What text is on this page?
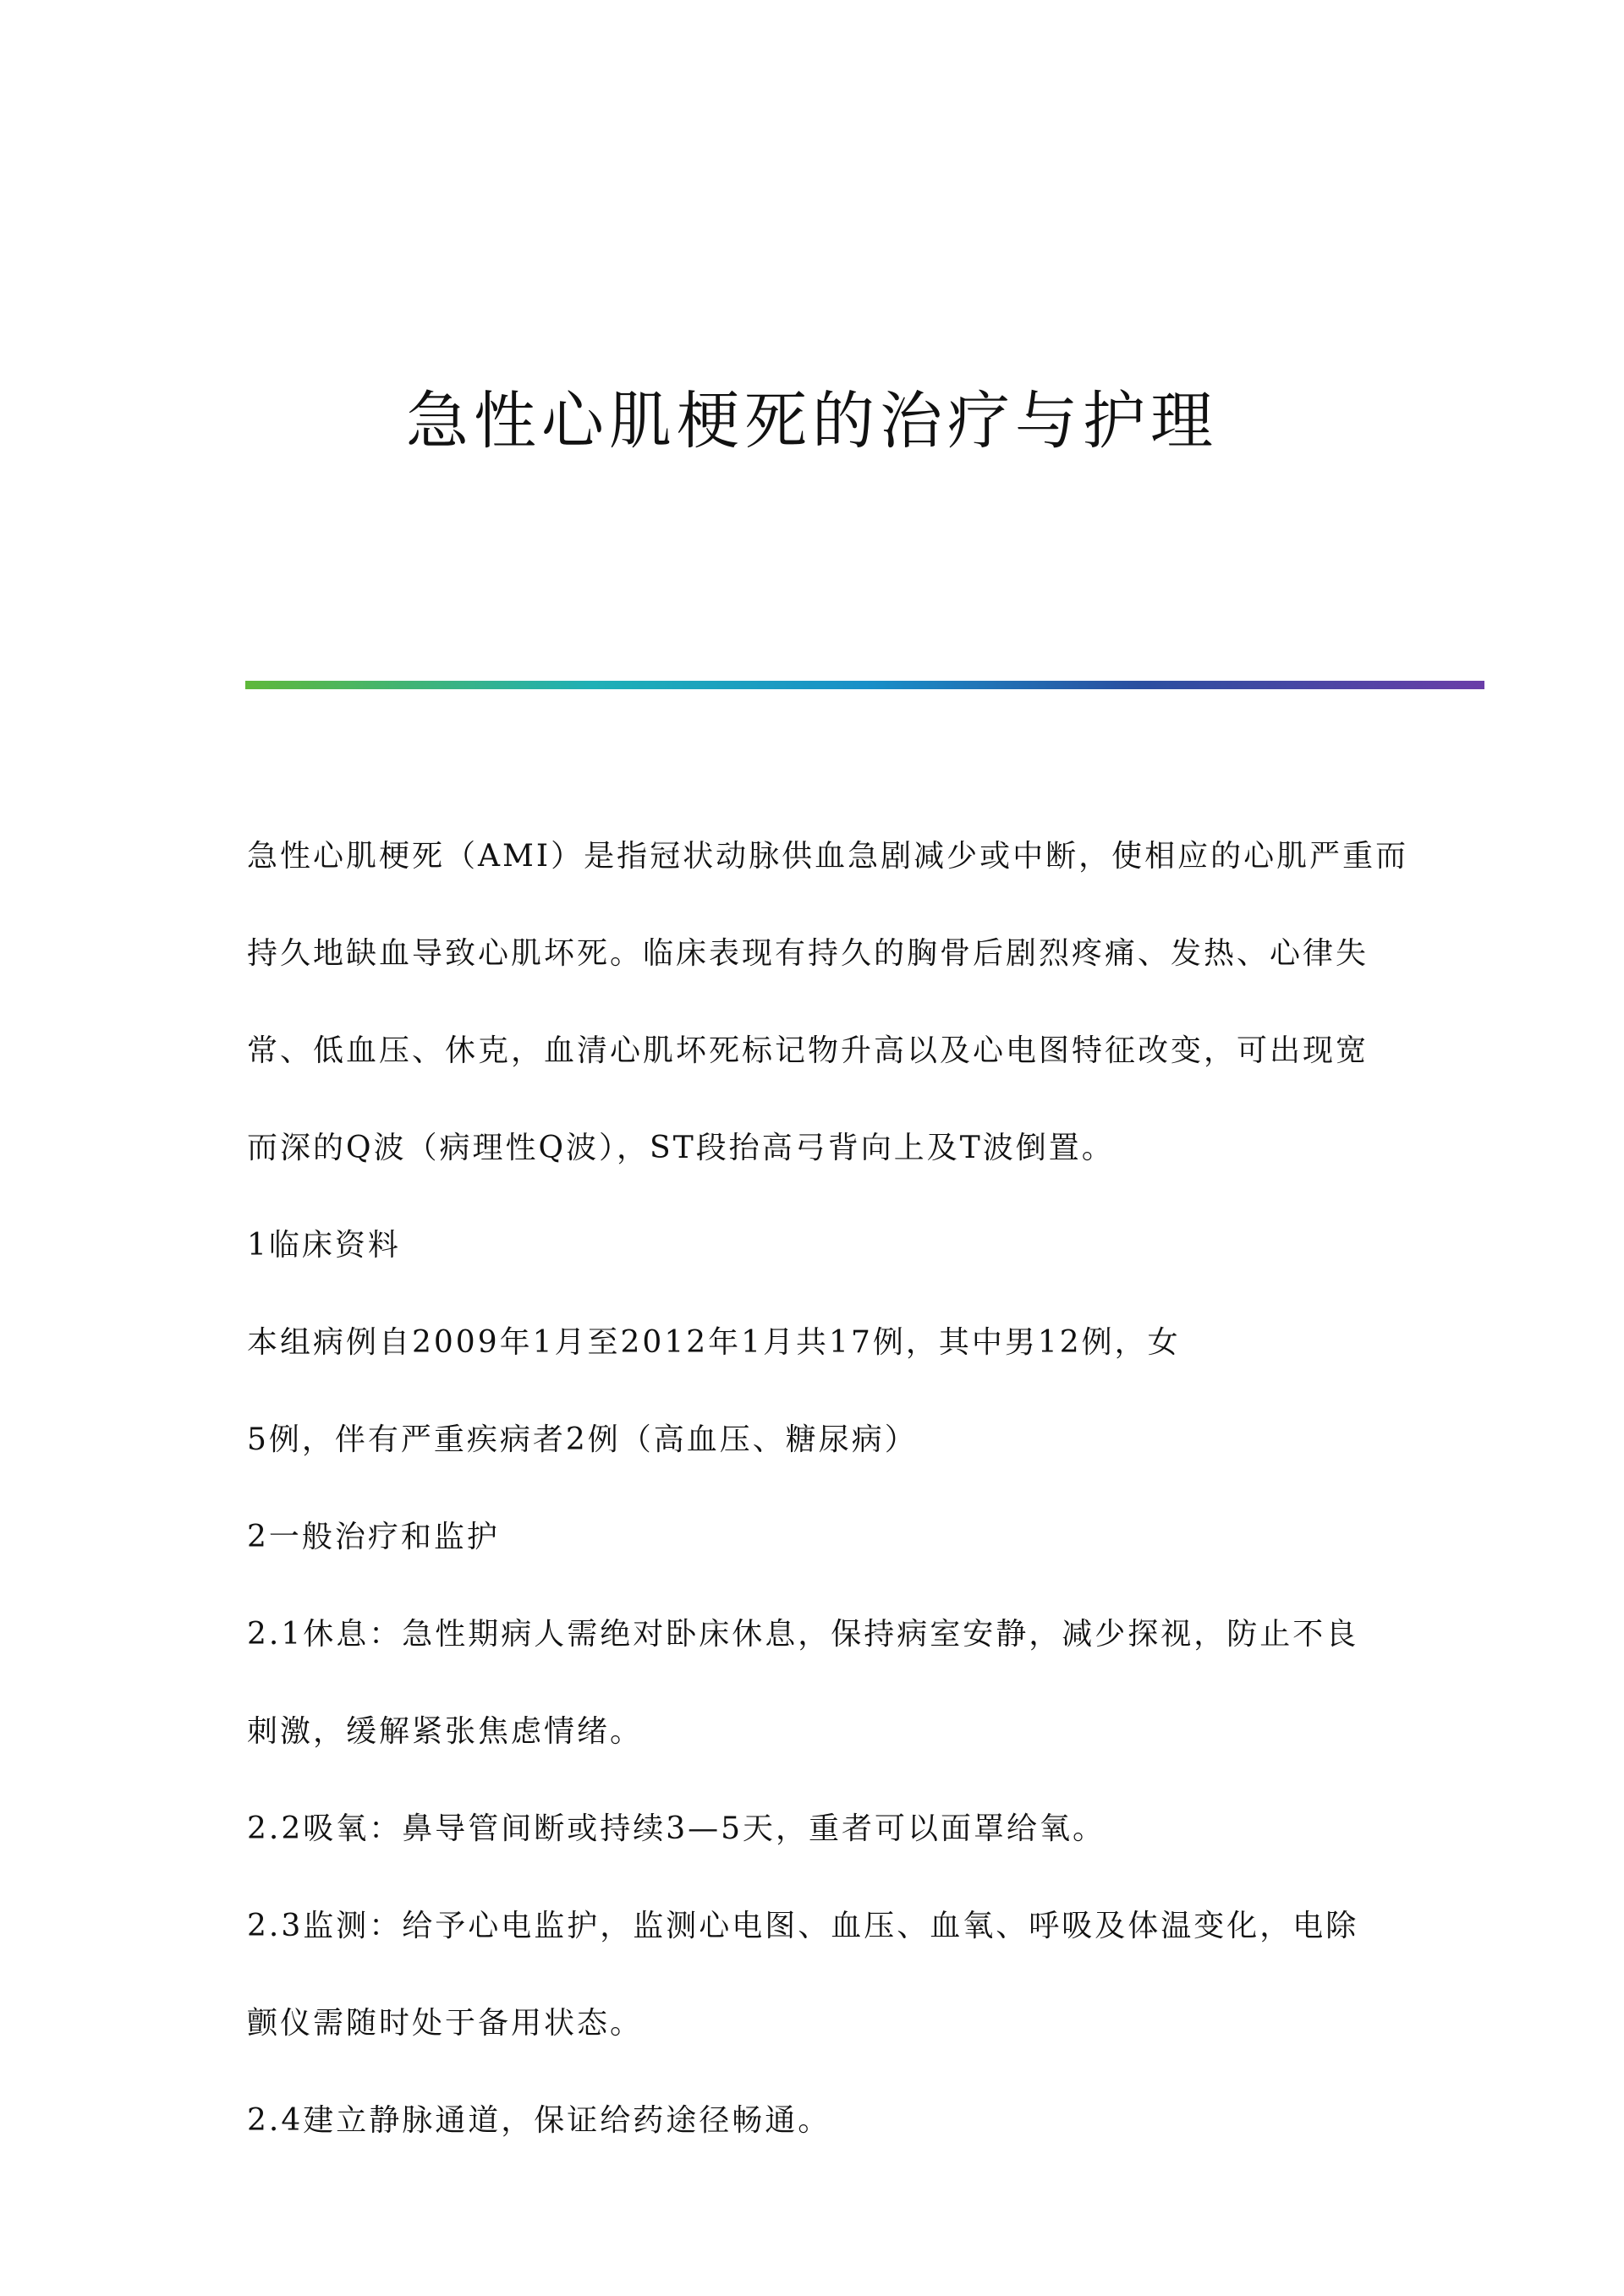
急性心肌梗死的治疗与护理

急性心肌梗死（AMI）是指冠状动脉供血急剧减少或中断，使相应的心肌严重而

持久地缺血导致心肌坏死。临床表现有持久的胸骨后剧烈疼痛、发热、心律失

常、低血压、休克，血清心肌坏死标记物升高以及心电图特征改变，可出现宽

而深的Q波（病理性Q波），ST段抬高弓背向上及T波倒置。

1临床资料

本组病例自2009年1月至2012年1月共17例，其中男12例，女

5例，伴有严重疾病者2例（高血压、糖尿病）

2一般治疗和监护

2.1休息：急性期病人需绝对卧床休息，保持病室安静，减少探视，防止不良

刺激，缓解紧张焦虑情绪。

2.2吸氧：鼻导管间断或持续3—5天，重者可以面罩给氧。

2.3监测：给予心电监护，监测心电图、血压、血氧、呼吸及体温变化，电除

颤仪需随时处于备用状态。

2.4建立静脉通道，保证给药途径畅通。
